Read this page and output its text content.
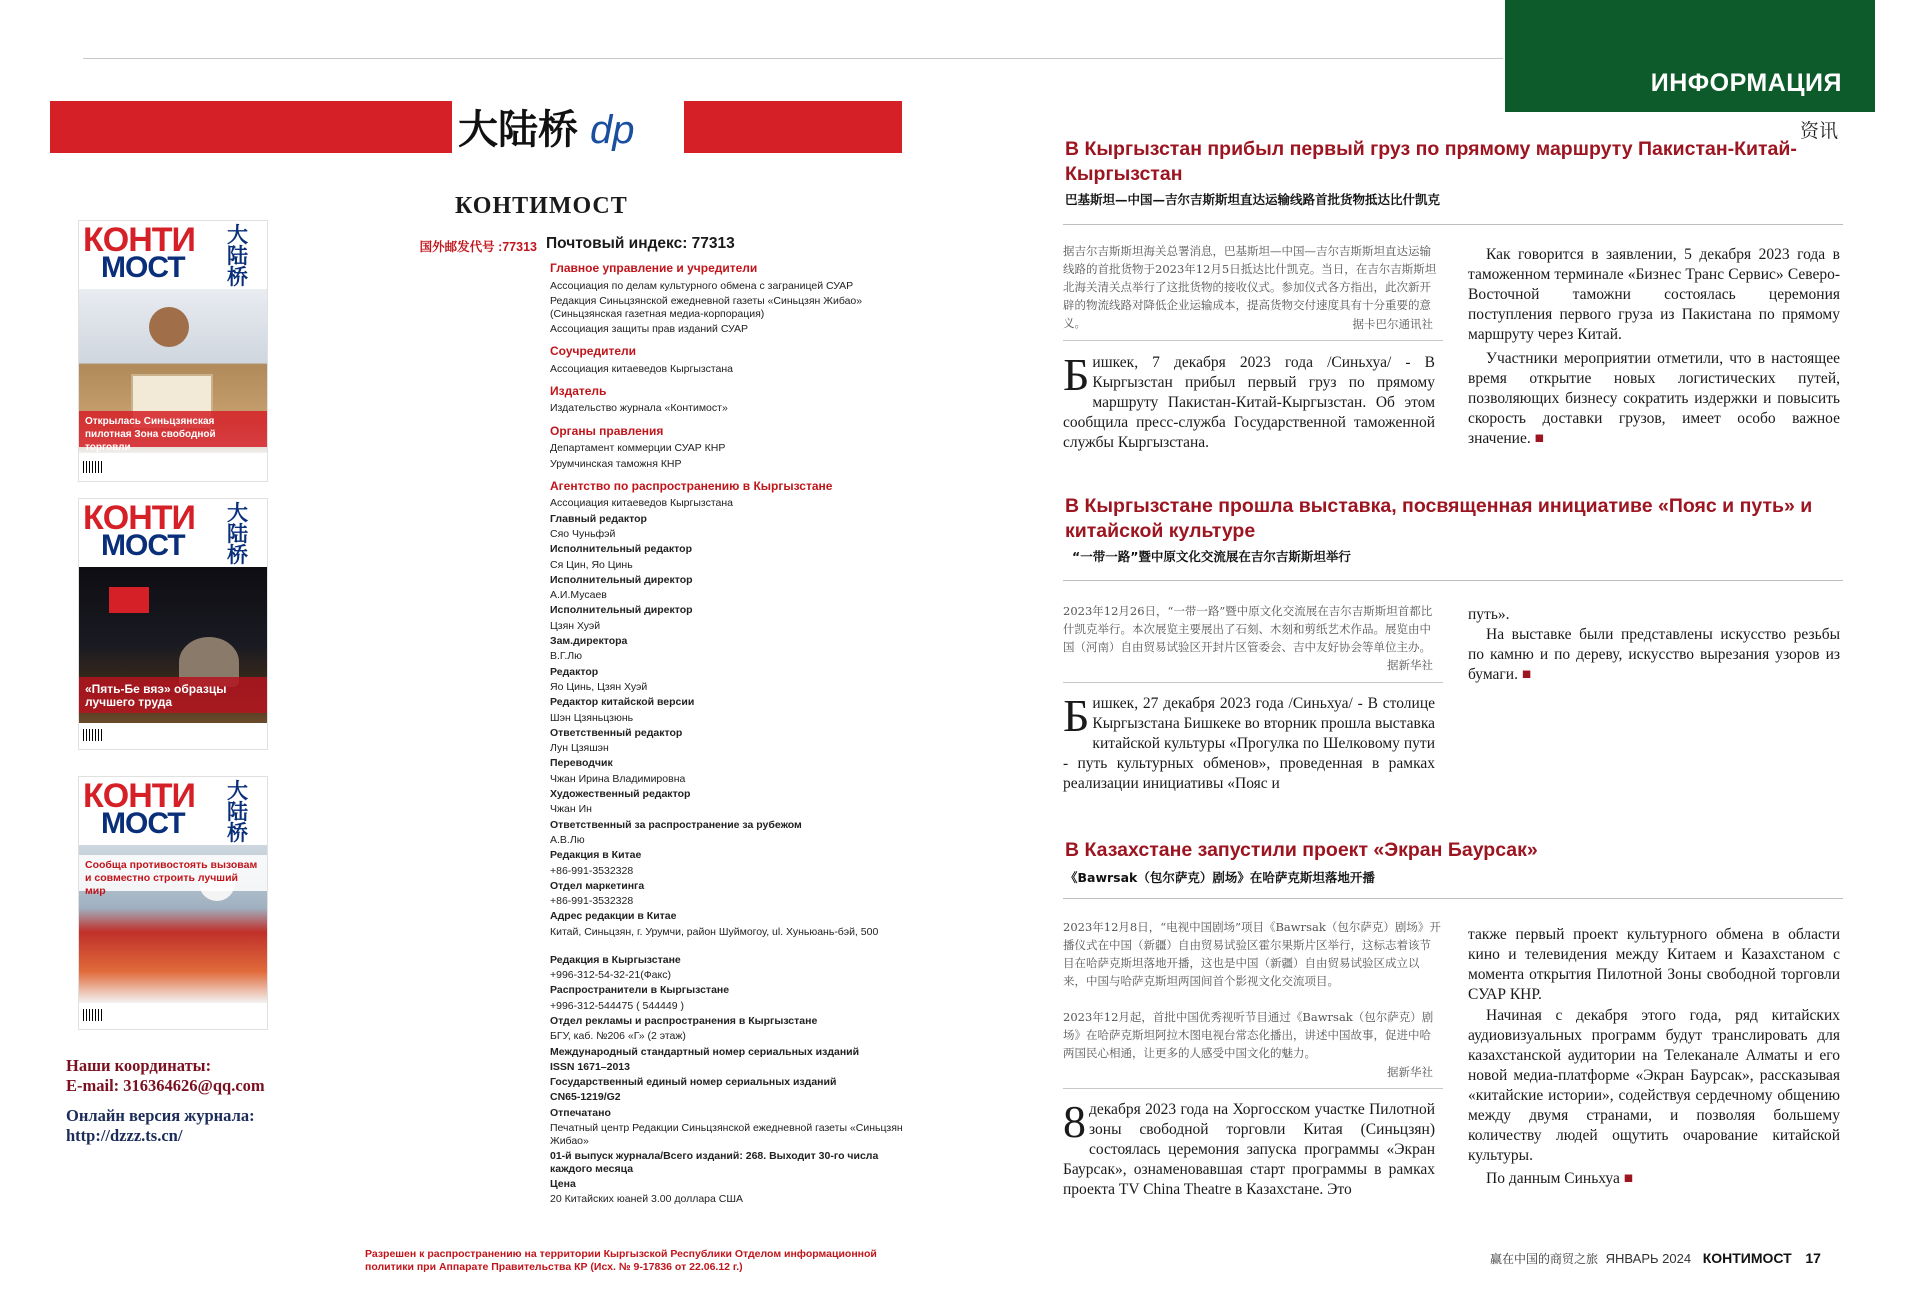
ИНФОРМАЦИЯ
资讯
大陆桥 dp
КОНТИМОСТ
国外邮发代号 :77313 Почтовый индекс: 77313
Главное управление и учредители
Ассоциация по делам культурного обмена с заграницей СУАР
Редакция Синьцзянской ежедневной газеты «Синьцзян Жибао» (Синьцзянская газетная медиа-корпорация)
Ассоциация защиты прав изданий СУАР
Соучредители
Ассоциация китаеведов Кыргызстана
Издатель
Издательство журнала «Контимост»
Органы правления
Департамент коммерции СУАР КНР
Урумчинская таможня КНР
Агентство по распространению в Кыргызстане
Ассоциация китаеведов Кыргызстана
Главный редактор
Сяо Чуньфэй
Исполнительный редактор
Ся Цин, Яо Цинь
Исполнительный директор
А.И.Мусаев
Исполнительный директор
Цзян Хуэй
Зам.директора
В.Г.Лю
Редактор
Яо Цинь, Цзян Хуэй
Редактор китайской версии
Шэн Цзяньцзюнь
Ответственный редактор
Лун Цзяшэн
Переводчик
Чжан Ирина Владимировна
Художественный редактор
Чжан Ин
Ответственный за распространение за рубежом
А.В.Лю
Редакция в Китае
+86-991-3532328
Отдел маркетинга
+86-991-3532328
Адрес редакции в Китае
Китай, Синьцзян, г. Урумчи, район Шуймогоу, ul. Хуньюань-бэй, 500
Редакция в Кыргызстане
+996-312-54-32-21(Факс)
Распространители в Кыргызстане
+996-312-544475 ( 544449 )
Отдел рекламы и распространения в Кыргызстане
БГУ, каб. №206 «Г» (2 этаж)
Международный стандартный номер сериальных изданий
ISSN 1671–2013
Государственный единый номер сериальных изданий
CN65-1219/G2
Отпечатано
Печатный центр Редакции Синьцзянской ежедневной газеты «Синьцзян Жибао»
01-й выпуск журнала/Всего изданий: 268. Выходит 30-го числа каждого месяца
Цена
20 Китайских юаней 3.00 доллара США
КОНТИ
МОСТ
大陆桥
Открылась Синьцзянская пилотная Зона свободной торговли
КОНТИ
МОСТ
大陆桥
«Пять-Бе вяэ» образцы лучшего труда
КОНТИ
МОСТ
大陆桥
Сообща противостоять вызовам и совместно строить лучший мир
Наши координаты:
E-mail: 316364626@qq.com
Онлайн версия журнала:
http://dzzz.ts.cn/
Разрешен к распространению на территории Кыргызской Республики Отделом информационной политики при Аппарате Правительства КР (Исх. № 9-17836 от 22.06.12 г.)
В Кыргызстан прибыл первый груз по прямому маршруту Пакистан-Китай-Кыргызстан
巴基斯坦—中国—吉尔吉斯斯坦直达运输线路首批货物抵达比什凯克
据吉尔吉斯斯坦海关总署消息，巴基斯坦—中国—吉尔吉斯斯坦直达运输线路的首批货物于2023年12月5日抵达比什凯克。当日，在吉尔吉斯斯坦北海关清关点举行了这批货物的接收仪式。参加仪式各方指出，此次新开辟的物流线路对降低企业运输成本，提高货物交付速度具有十分重要的意义。	据卡巴尔通讯社
Бишкек, 7 декабря 2023 года /Синьхуа/ - В Кыргызстан прибыл первый груз по прямому маршруту Пакистан-Китай-Кыргызстан. Об этом сообщила пресс-служба Государственной таможенной службы Кыргызстана.
Как говорится в заявлении, 5 декабря 2023 года в таможенном терминале «Бизнес Транс Сервис» Северо-Восточной таможни состоялась церемония поступления первого груза из Пакистана по прямому маршруту через Китай.
Участники мероприятии отметили, что в настоящее время открытие новых логистических путей, позволяющих бизнесу сократить издержки и повысить скорость доставки грузов, имеет особо важное значение. ■
В Кыргызстане прошла выставка, посвященная инициативе «Пояс и путь» и китайской культуре
“一带一路”暨中原文化交流展在吉尔吉斯斯坦举行
2023年12月26日，“一带一路”暨中原文化交流展在吉尔吉斯斯坦首都比什凯克举行。本次展览主要展出了石刻、木刻和剪纸艺术作品。展览由中国（河南）自由贸易试验区开封片区管委会、吉中友好协会等单位主办。
据新华社
Бишкек, 27 декабря 2023 года /Синьхуа/ - В столице Кыргызстана Бишкеке во вторник прошла выставка китайской культуры «Прогулка по Шелковому пути - путь культурных обменов», проведенная в рамках реализации инициативы «Пояс и
путь».
На выставке были представлены искусство резьбы по камню и по дереву, искусство вырезания узоров из бумаги. ■
В Казахстане запустили проект «Экран Баурсак»
《Bawrsak（包尔萨克）剧场》在哈萨克斯坦落地开播
2023年12月8日，“电视中国剧场”项目《Bawrsak（包尔萨克）剧场》开播仪式在中国（新疆）自由贸易试验区霍尔果斯片区举行，这标志着该节目在哈萨克斯坦落地开播，这也是中国（新疆）自由贸易试验区成立以来，中国与哈萨克斯坦两国间首个影视文化交流项目。
2023年12月起，首批中国优秀视听节目通过《Bawrsak（包尔萨克）剧场》在哈萨克斯坦阿拉木图电视台常态化播出，讲述中国故事，促进中哈两国民心相通，让更多的人感受中国文化的魅力。
据新华社
8 декабря 2023 года на Хоргосском участке Пилотной зоны свободной торговли Китая (Синьцзян) состоялась церемония запуска программы «Экран Баурсак», ознаменовавшая старт программы в рамках проекта TV China Theatre в Казахстане. Это
также первый проект культурного обмена в области кино и телевидения между Китаем и Казахстаном с момента открытия Пилотной Зоны свободной торговли СУАР КНР.
Начиная с декабря этого года, ряд китайских аудиовизуальных программ будут транслировать для казахстанской аудитории на Телеканале Алматы и его новой медиа-платформе «Экран Баурсак», рассказывая «китайские истории», содействуя сердечному общению между двумя странами, и позволяя большему количеству людей ощутить очарование китайской культуры.
По данным Синьхуа ■
赢在中国的商贸之旅 ЯНВАРЬ 2024 КОНТИМОСТ 17
